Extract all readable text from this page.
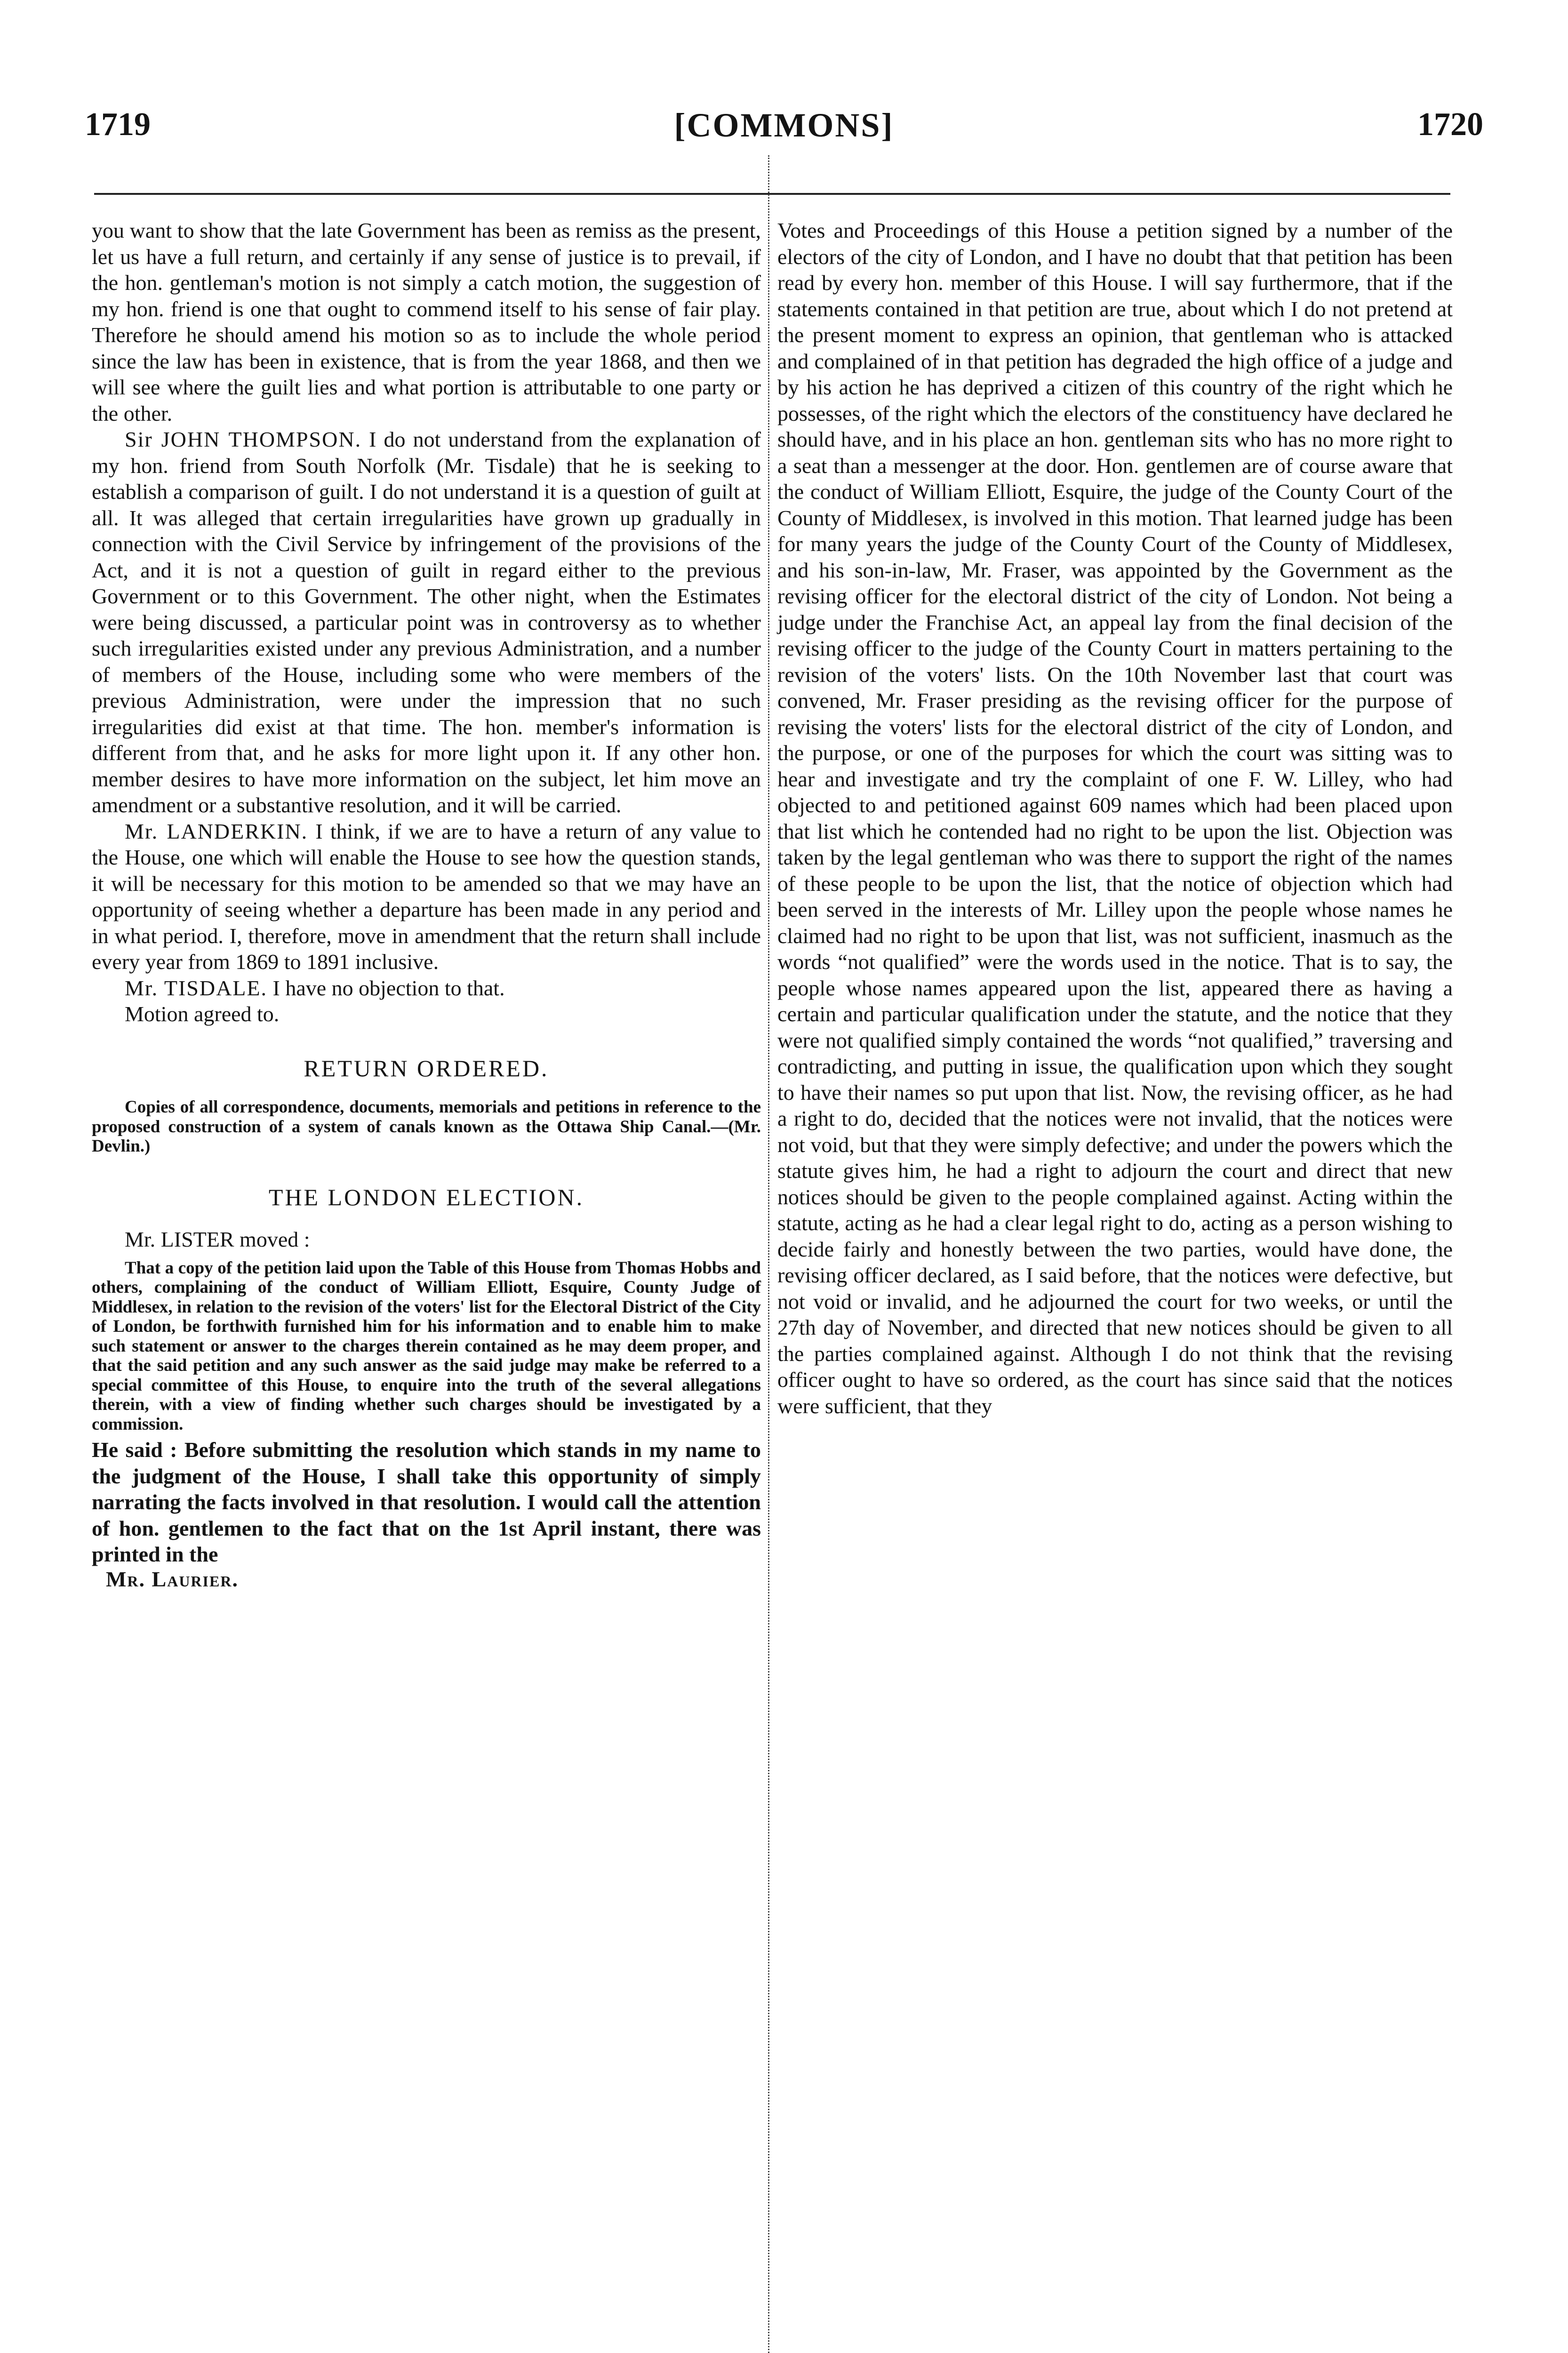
1719	[COMMONS]	1720

you want to show that the late Government has been as remiss as the present, let us have a full return, and certainly if any sense of justice is to prevail, if the hon. gentleman's motion is not simply a catch motion, the suggestion of my hon. friend is one that ought to commend itself to his sense of fair play. Therefore he should amend his motion so as to include the whole period since the law has been in existence, that is from the year 1868, and then we will see where the guilt lies and what portion is attributable to one party or the other.

Sir JOHN THOMPSON. I do not understand from the explanation of my hon. friend from South Norfolk (Mr. Tisdale) that he is seeking to establish a comparison of guilt. I do not understand it is a question of guilt at all. It was alleged that certain irregularities have grown up gradually in connection with the Civil Service by infringement of the provisions of the Act, and it is not a question of guilt in regard either to the previous Government or to this Government. The other night, when the Estimates were being discussed, a particular point was in controversy as to whether such irregularities existed under any previous Administration, and a number of members of the House, including some who were members of the previous Administration, were under the impression that no such irregularities did exist at that time. The hon. member's information is different from that, and he asks for more light upon it. If any other hon. member desires to have more information on the subject, let him move an amendment or a substantive resolution, and it will be carried.

Mr. LANDERKIN. I think, if we are to have a return of any value to the House, one which will enable the House to see how the question stands, it will be necessary for this motion to be amended so that we may have an opportunity of seeing whether a departure has been made in any period and in what period. I, therefore, move in amendment that the return shall include every year from 1869 to 1891 inclusive.

Mr. TISDALE. I have no objection to that.

Motion agreed to.

RETURN ORDERED.

Copies of all correspondence, documents, memorials and petitions in reference to the proposed construction of a system of canals known as the Ottawa Ship Canal.—(Mr. Devlin.)

THE LONDON ELECTION.

Mr. LISTER moved :

That a copy of the petition laid upon the Table of this House from Thomas Hobbs and others, complaining of the conduct of William Elliott, Esquire, County Judge of Middlesex, in relation to the revision of the voters' list for the Electoral District of the City of London, be forthwith furnished him for his information and to enable him to make such statement or answer to the charges therein contained as he may deem proper, and that the said petition and any such answer as the said judge may make be referred to a special committee of this House, to enquire into the truth of the several allegations therein, with a view of finding whether such charges should be investigated by a commission.

He said : Before submitting the resolution which stands in my name to the judgment of the House, I shall take this opportunity of simply narrating the facts involved in that resolution. I would call the attention of hon. gentlemen to the fact that on the 1st April instant, there was printed in the

Mr. Laurier.

Votes and Proceedings of this House a petition signed by a number of the electors of the city of London, and I have no doubt that that petition has been read by every hon. member of this House. I will say furthermore, that if the statements contained in that petition are true, about which I do not pretend at the present moment to express an opinion, that gentleman who is attacked and complained of in that petition has degraded the high office of a judge and by his action he has deprived a citizen of this country of the right which he possesses, of the right which the electors of the constituency have declared he should have, and in his place an hon. gentleman sits who has no more right to a seat than a messenger at the door. Hon. gentlemen are of course aware that the conduct of William Elliott, Esquire, the judge of the County Court of the County of Middlesex, is involved in this motion. That learned judge has been for many years the judge of the County Court of the County of Middlesex, and his son-in-law, Mr. Fraser, was appointed by the Government as the revising officer for the electoral district of the city of London. Not being a judge under the Franchise Act, an appeal lay from the final decision of the revising officer to the judge of the County Court in matters pertaining to the revision of the voters' lists. On the 10th November last that court was convened, Mr. Fraser presiding as the revising officer for the purpose of revising the voters' lists for the electoral district of the city of London, and the purpose, or one of the purposes for which the court was sitting was to hear and investigate and try the complaint of one F. W. Lilley, who had objected to and petitioned against 609 names which had been placed upon that list which he contended had no right to be upon the list. Objection was taken by the legal gentleman who was there to support the right of the names of these people to be upon the list, that the notice of objection which had been served in the interests of Mr. Lilley upon the people whose names he claimed had no right to be upon that list, was not sufficient, inasmuch as the words “not qualified” were the words used in the notice. That is to say, the people whose names appeared upon the list, appeared there as having a certain and particular qualification under the statute, and the notice that they were not qualified simply contained the words “not qualified,” traversing and contradicting, and putting in issue, the qualification upon which they sought to have their names so put upon that list. Now, the revising officer, as he had a right to do, decided that the notices were not invalid, that the notices were not void, but that they were simply defective; and under the powers which the statute gives him, he had a right to adjourn the court and direct that new notices should be given to the people complained against. Acting within the statute, acting as he had a clear legal right to do, acting as a person wishing to decide fairly and honestly between the two parties, would have done, the revising officer declared, as I said before, that the notices were defective, but not void or invalid, and he adjourned the court for two weeks, or until the 27th day of November, and directed that new notices should be given to all the parties complained against. Although I do not think that the revising officer ought to have so ordered, as the court has since said that the notices were sufficient, that they
